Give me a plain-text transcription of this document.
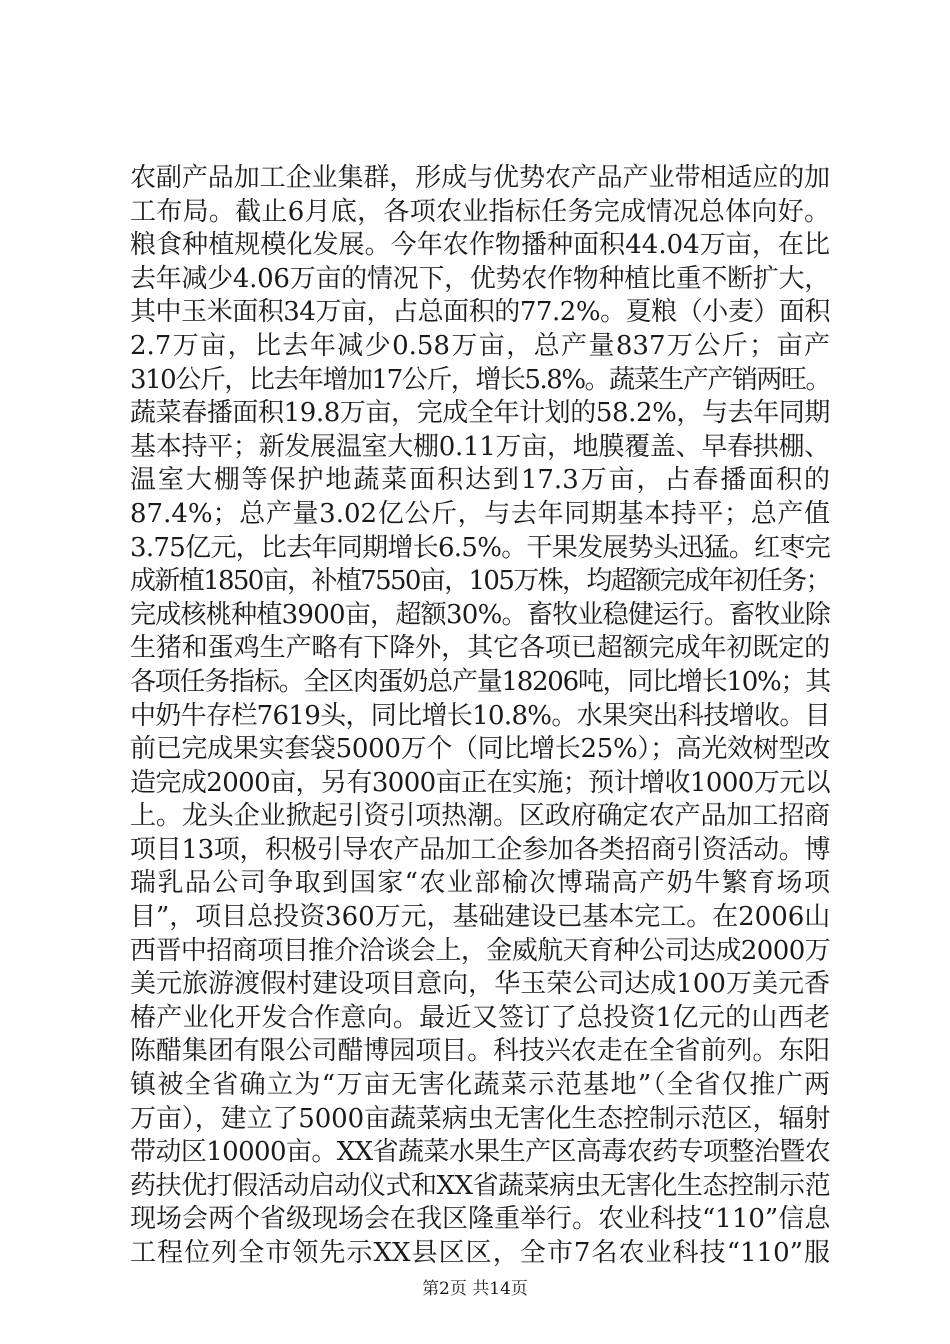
农副产品加工企业集群，形成与优势农产品产业带相适应的加
工布局。截止6月底，各项农业指标任务完成情况总体向好。
粮食种植规模化发展。今年农作物播种面积44.04万亩，在比
去年减少4.06万亩的情况下，优势农作物种植比重不断扩大，
其中玉米面积34万亩，占总面积的77.2%。夏粮（小麦）面积
2.7万亩，比去年减少0.58万亩，总产量837万公斤；亩产
310公斤，比去年增加17公斤，增长5.8%。蔬菜生产产销两旺。
蔬菜春播面积19.8万亩，完成全年计划的58.2%，与去年同期
基本持平；新发展温室大棚0.11万亩，地膜覆盖、早春拱棚、
温室大棚等保护地蔬菜面积达到17.3万亩，占春播面积的
87.4%；总产量3.02亿公斤，与去年同期基本持平；总产值
3.75亿元，比去年同期增长6.5%。干果发展势头迅猛。红枣完
成新植1850亩，补植7550亩，105万株，均超额完成年初任务；
完成核桃种植3900亩，超额30%。畜牧业稳健运行。畜牧业除
生猪和蛋鸡生产略有下降外，其它各项已超额完成年初既定的
各项任务指标。全区肉蛋奶总产量18206吨，同比增长10%；其
中奶牛存栏7619头，同比增长10.8%。水果突出科技增收。目
前已完成果实套袋5000万个（同比增长25%）；高光效树型改
造完成2000亩，另有3000亩正在实施；预计增收1000万元以
上。龙头企业掀起引资引项热潮。区政府确定农产品加工招商
项目13项，积极引导农产品加工企参加各类招商引资活动。博
瑞乳品公司争取到国家“农业部榆次博瑞高产奶牛繁育场项
目”，项目总投资360万元，基础建设已基本完工。在2006山
西晋中招商项目推介洽谈会上，金威航天育种公司达成2000万
美元旅游渡假村建设项目意向，华玉荣公司达成100万美元香
椿产业化开发合作意向。最近又签订了总投资1亿元的山西老
陈醋集团有限公司醋博园项目。科技兴农走在全省前列。东阳
镇被全省确立为“万亩无害化蔬菜示范基地”（全省仅推广两
万亩），建立了5000亩蔬菜病虫无害化生态控制示范区，辐射
带动区10000亩。XX省蔬菜水果生产区高毒农药专项整治暨农
药扶优打假活动启动仪式和XX省蔬菜病虫无害化生态控制示范
现场会两个省级现场会在我区隆重举行。农业科技“110”信息
工程位列全市领先示XX县区区，全市7名农业科技“110”服
第2页 共14页
